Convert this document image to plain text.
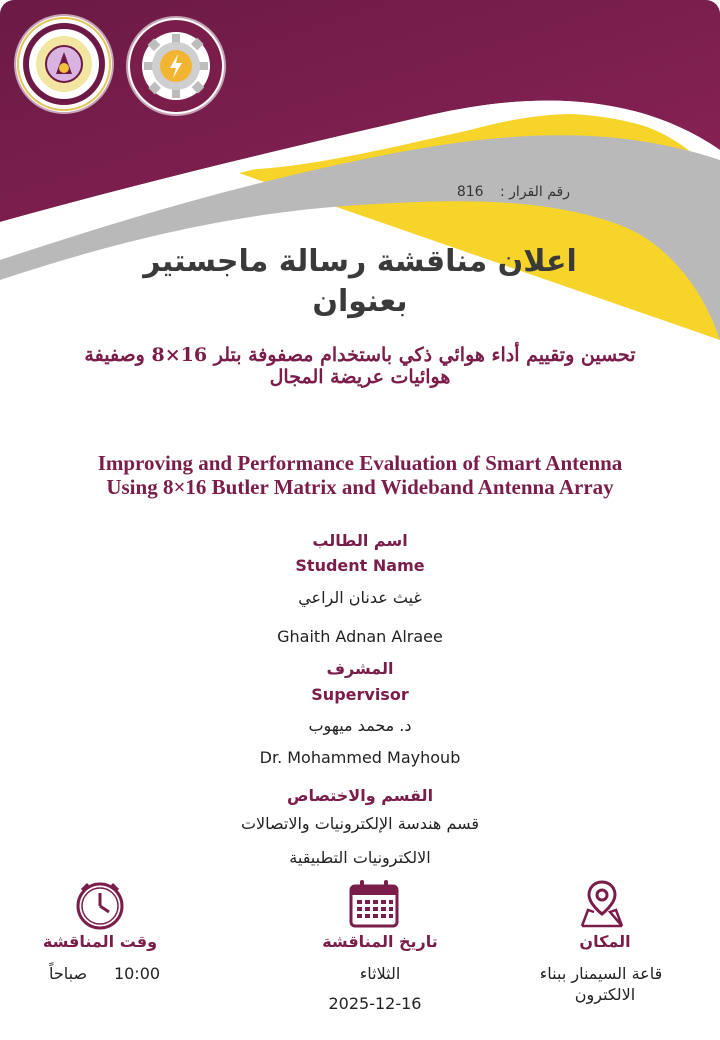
رقم القرار : 816
اعلان مناقشة رسالة ماجستير
بعنوان
تحسين وتقييم أداء هوائي ذكي باستخدام مصفوفة بتلر 16×8 وصفيفة
هوائيات عريضة المجال
Improving and Performance Evaluation of Smart Antenna
Using 8×16 Butler Matrix and Wideband Antenna Array
اسم الطالب
Student Name
غيث عدنان الراعي
Ghaith Adnan Alraee
المشرف
Supervisor
د. محمد ميهوب
Dr. Mohammed Mayhoub
القسم والاختصاص
قسم هندسة الإلكترونيات والاتصالات
الالكترونيات التطبيقية
وقت المناقشة
10:00
صباحاً
تاريخ المناقشة
الثلاثاء
2025-12-16
المكان
قاعة السيمنار ببناء
الالكترون
